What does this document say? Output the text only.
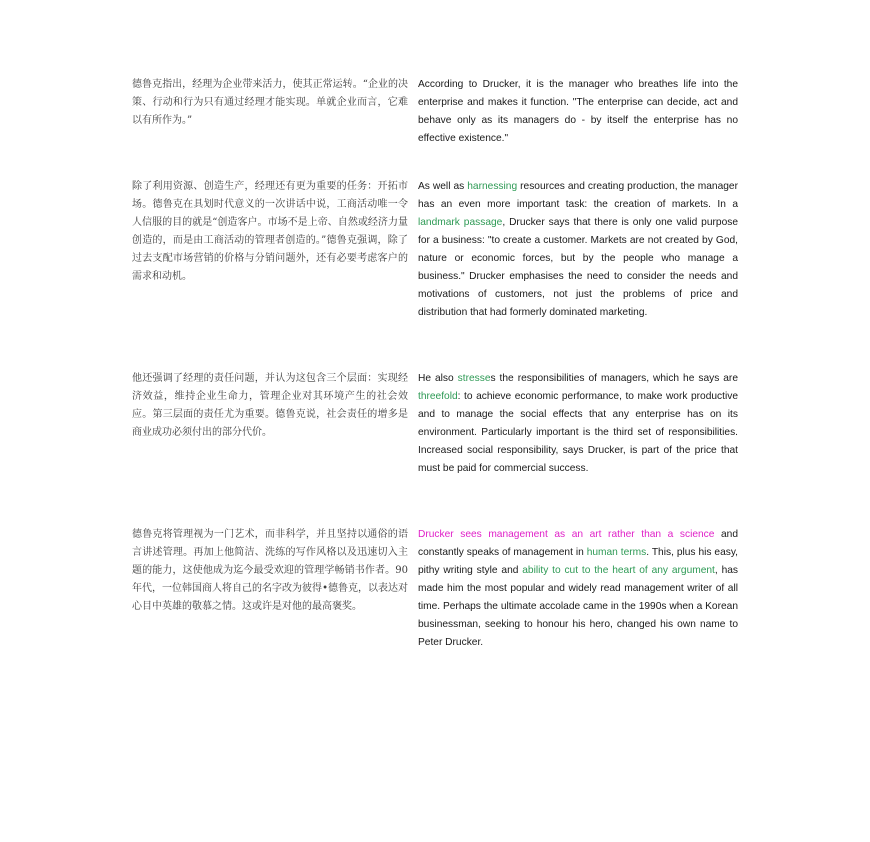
德鲁克指出，经理为企业带来活力，使其正常运转。“企业的决策、行动和行为只有通过经理才能实现。单就企业而言，它难以有所作为。”

According to Drucker, it is the manager who breathes life into the enterprise and makes it function. "The enterprise can decide, act and behave only as its managers do - by itself the enterprise has no effective existence."

除了利用资源、创造生产，经理还有更为重要的任务：开拓市场。德鲁克在具划时代意义的一次讲话中说，工商活动唯一令人信服的目的就是“创造客户。市场不是上帝、自然或经济力量创造的，而是由工商活动的管理者创造的。”德鲁克强调，除了过去支配市场营销的价格与分销问题外，还有必要考虑客户的需求和动机。

As well as harnessing resources and creating production, the manager has an even more important task: the creation of markets. In a landmark passage, Drucker says that there is only one valid purpose for a business: "to create a customer. Markets are not created by God, nature or economic forces, but by the people who manage a business." Drucker emphasises the need to consider the needs and motivations of customers, not just the problems of price and distribution that had formerly dominated marketing.

他还强调了经理的责任问题，并认为这包含三个层面：实现经济效益，维持企业生命力，管理企业对其环境产生的社会效应。第三层面的责任尤为重要。德鲁克说，社会责任的增多是商业成功必须付出的部分代价。

He also stresses the responsibilities of managers, which he says are threefold: to achieve economic performance, to make work productive and to manage the social effects that any enterprise has on its environment. Particularly important is the third set of responsibilities. Increased social responsibility, says Drucker, is part of the price that must be paid for commercial success.

德鲁克将管理视为一门艺术，而非科学，并且坚持以通俗的语言讲述管理。再加上他简洁、洗练的写作风格以及迅速切入主题的能力，这使他成为迄今最受欢迎的管理学畅销书作者。90 年代，一位韩国商人将自己的名字改为彼得•德鲁克，以表达对心目中英雄的敬慕之情。这或许是对他的最高褒奖。

Drucker sees management as an art rather than a science and constantly speaks of management in human terms. This, plus his easy, pithy writing style and ability to cut to the heart of any argument, has made him the most popular and widely read management writer of all time. Perhaps the ultimate accolade came in the 1990s when a Korean businessman, seeking to honour his hero, changed his own name to Peter Drucker.
